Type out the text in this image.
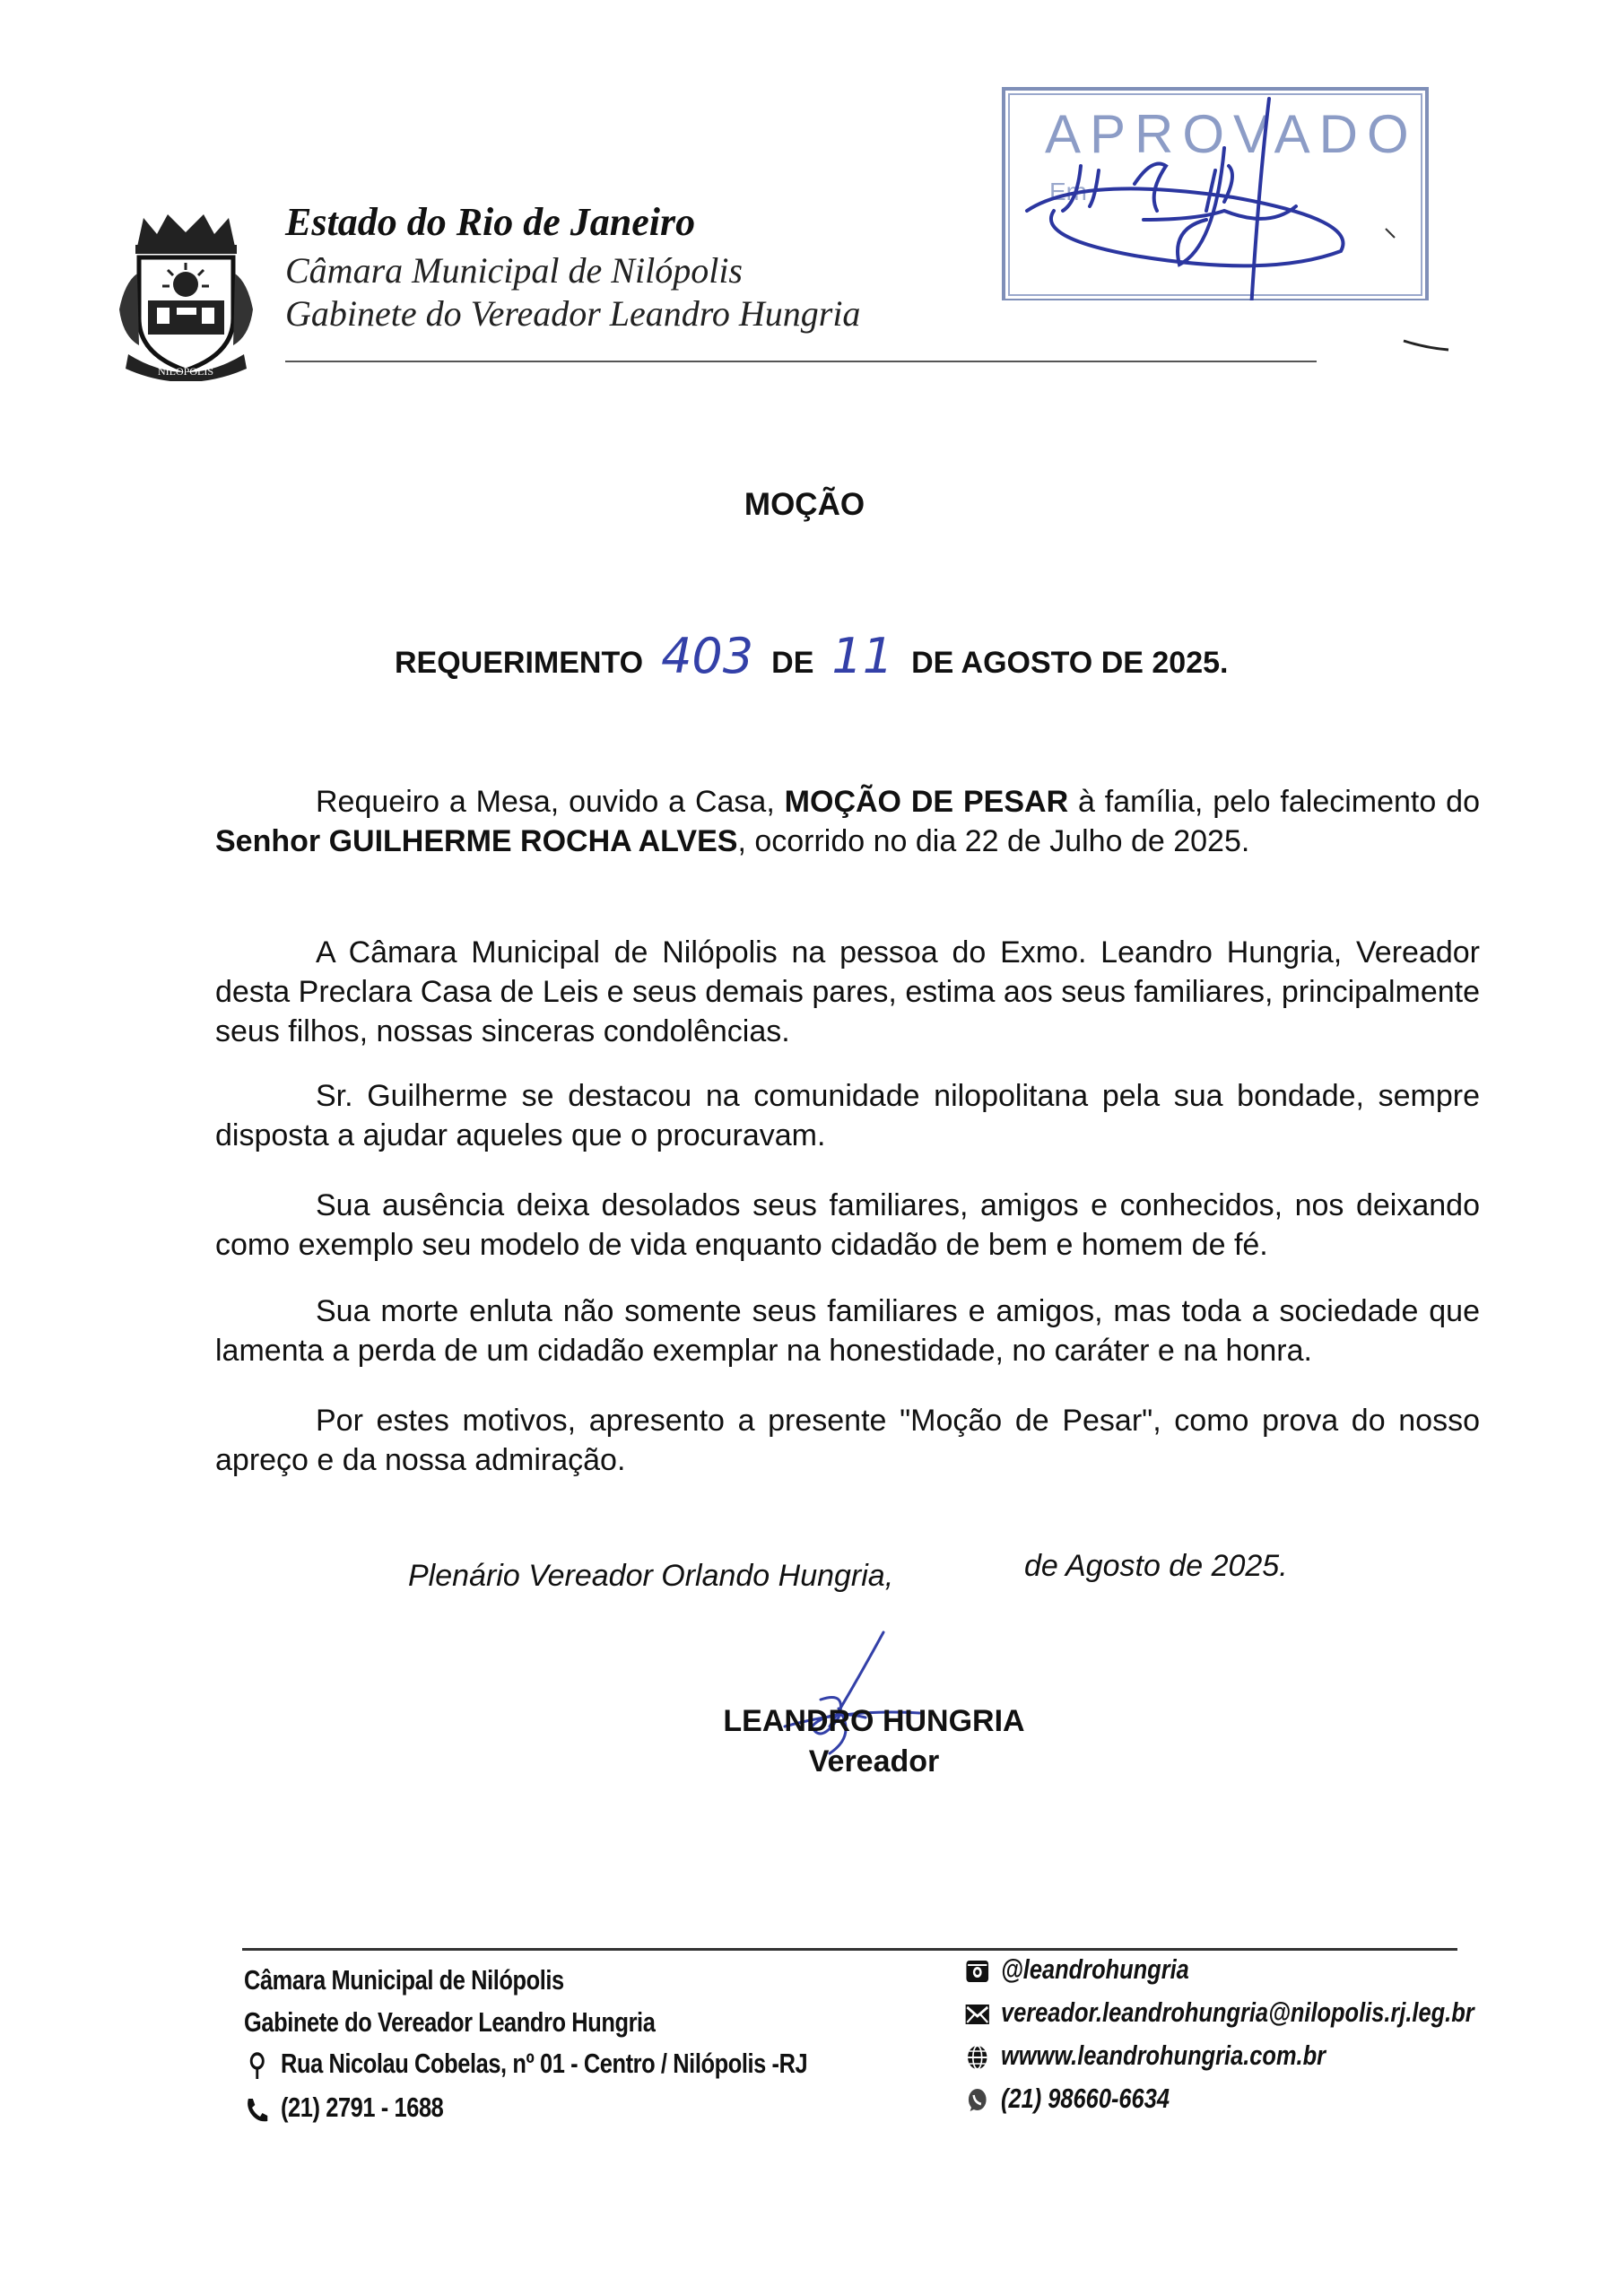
NILOPOLIS
Estado do Rio de Janeiro
Câmara Municipal de Nilópolis
Gabinete do Vereador Leandro Hungria
APROVADO
Em
MOÇÃO
REQUERIMENTO 403 DE 11 DE AGOSTO DE 2025.
Requeiro a Mesa, ouvido a Casa, MOÇÃO DE PESAR à família, pelo falecimento do Senhor GUILHERME ROCHA ALVES, ocorrido no dia 22 de Julho de 2025.
A Câmara Municipal de Nilópolis na pessoa do Exmo. Leandro Hungria, Vereador desta Preclara Casa de Leis e seus demais pares, estima aos seus familiares, principalmente seus filhos, nossas sinceras condolências.
Sr. Guilherme se destacou na comunidade nilopolitana pela sua bondade, sempre disposta a ajudar aqueles que o procuravam.
Sua ausência deixa desolados seus familiares, amigos e conhecidos, nos deixando como exemplo seu modelo de vida enquanto cidadão de bem e homem de fé.
Sua morte enluta não somente seus familiares e amigos, mas toda a sociedade que lamenta a perda de um cidadão exemplar na honestidade, no caráter e na honra.
Por estes motivos, apresento a presente "Moção de Pesar", como prova do nosso apreço e da nossa admiração.
Plenário Vereador Orlando Hungria,	de Agosto de 2025.
LEANDRO HUNGRIA
Vereador
Câmara Municipal de Nilópolis
Gabinete do Vereador Leandro Hungria
Rua Nicolau Cobelas, nº 01 - Centro / Nilópolis -RJ
(21) 2791 - 1688
@leandrohungria
vereador.leandrohungria@nilopolis.rj.leg.br
wwww.leandrohungria.com.br
(21) 98660-6634
